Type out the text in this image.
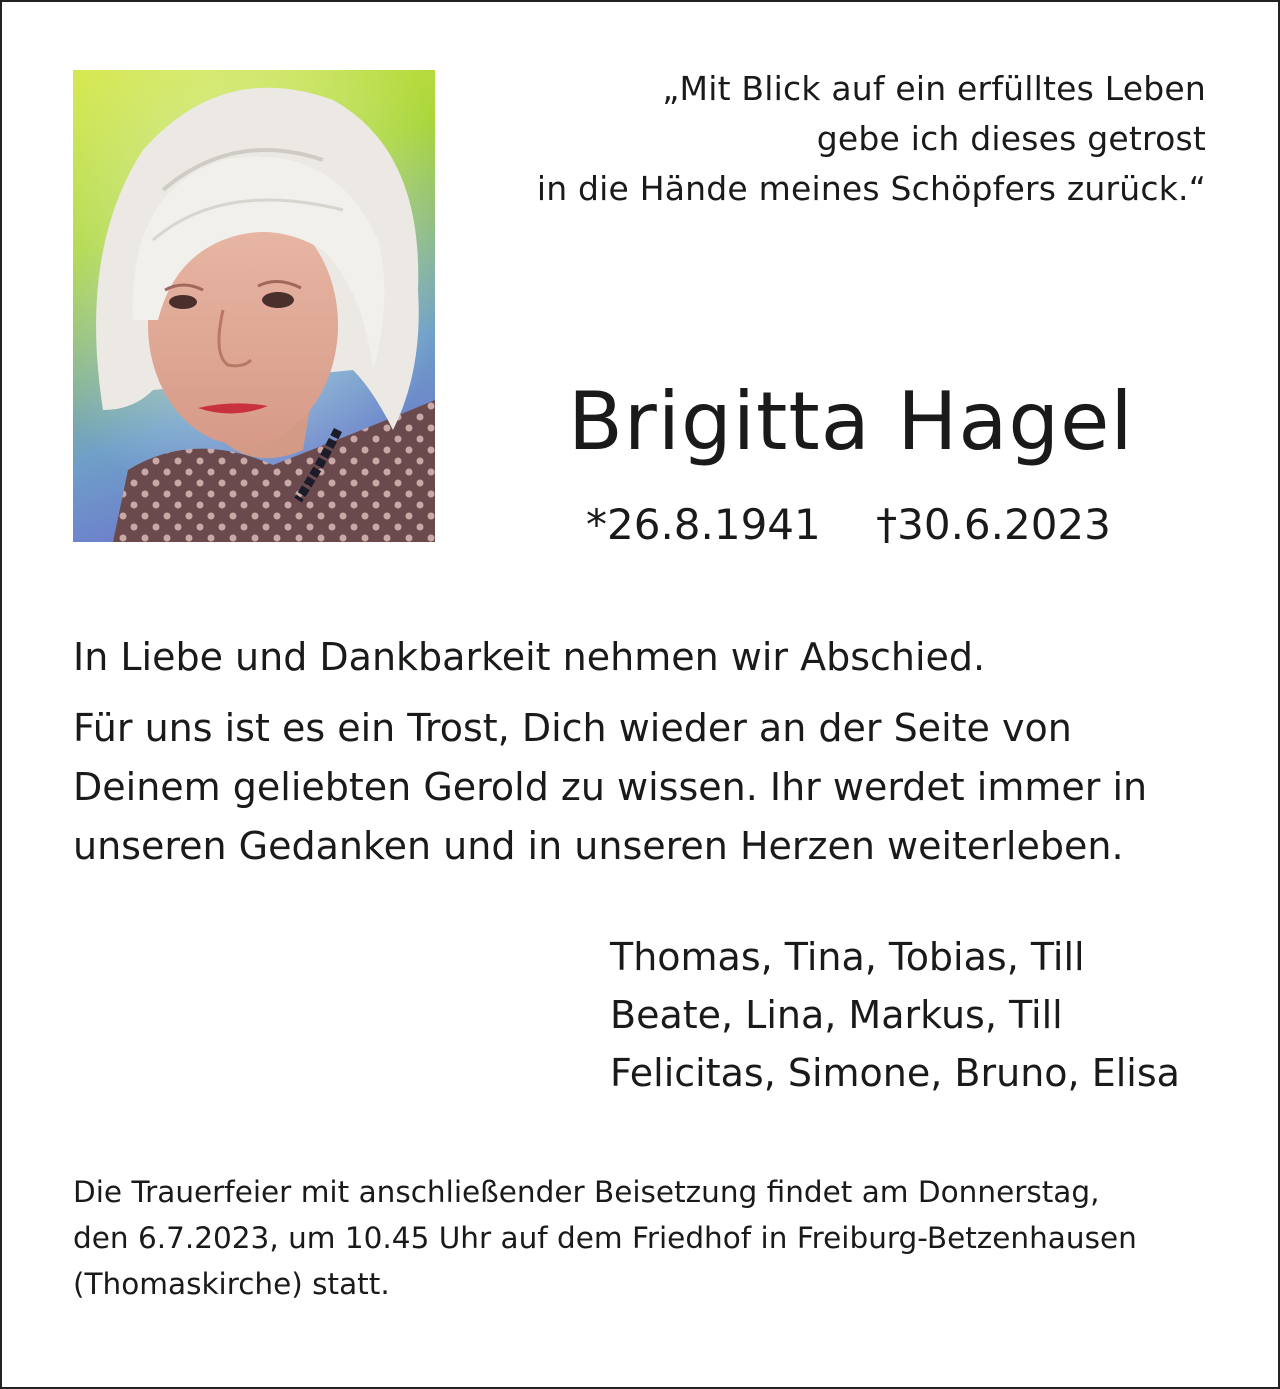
„Mit Blick auf ein erfülltes Leben
gebe ich dieses getrost
in die Hände meines Schöpfers zurück.“
Brigitta Hagel
*26.8.1941 †30.6.2023
In Liebe und Dankbarkeit nehmen wir Abschied.
Für uns ist es ein Trost, Dich wieder an der Seite von
Deinem geliebten Gerold zu wissen. Ihr werdet immer in
unseren Gedanken und in unseren Herzen weiterleben.
Thomas, Tina, Tobias, Till
Beate, Lina, Markus, Till
Felicitas, Simone, Bruno, Elisa
Die Trauerfeier mit anschließender Beisetzung findet am Donnerstag,
den 6.7.2023, um 10.45 Uhr auf dem Friedhof in Freiburg-Betzenhausen
(Thomaskirche) statt.
